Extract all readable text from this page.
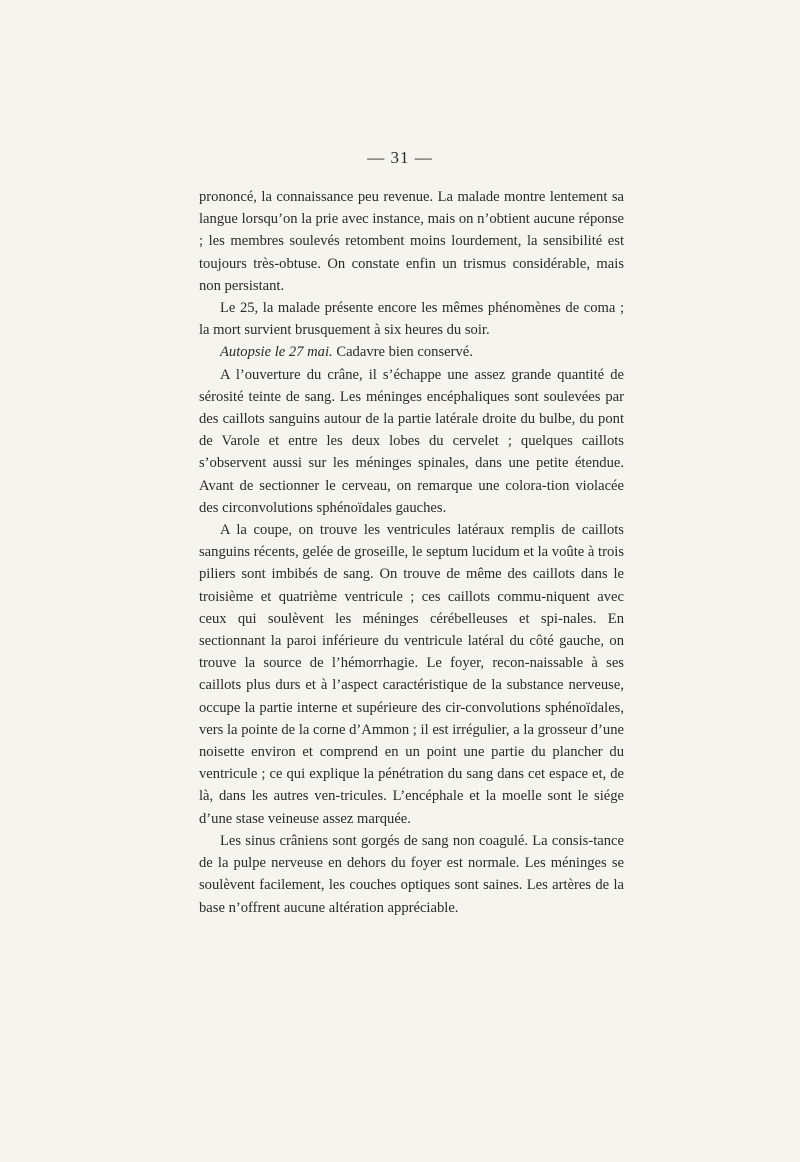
— 31 —

prononcé, la connaissance peu revenue. La malade montre lentement sa langue lorsqu’on la prie avec instance, mais on n’obtient aucune réponse ; les membres soulevés retombent moins lourdement, la sensibilité est toujours très-obtuse. On constate enfin un trismus considérable, mais non persistant.

Le 25, la malade présente encore les mêmes phénomènes de coma ; la mort survient brusquement à six heures du soir.

Autopsie le 27 mai. Cadavre bien conservé.

A l’ouverture du crâne, il s’échappe une assez grande quantité de sérosité teinte de sang. Les méninges encéphaliques sont soulevées par des caillots sanguins autour de la partie latérale droite du bulbe, du pont de Varole et entre les deux lobes du cervelet ; quelques caillots s’observent aussi sur les méninges spinales, dans une petite étendue. Avant de sectionner le cerveau, on remarque une colora-tion violacée des circonvolutions sphénoïdales gauches.

A la coupe, on trouve les ventricules latéraux remplis de caillots sanguins récents, gelée de groseille, le septum lucidum et la voûte à trois piliers sont imbibés de sang. On trouve de même des caillots dans le troisième et quatrième ventricule ; ces caillots commu-niquent avec ceux qui soulèvent les méninges cérébelleuses et spi-nales. En sectionnant la paroi inférieure du ventricule latéral du côté gauche, on trouve la source de l’hémorrhagie. Le foyer, recon-naissable à ses caillots plus durs et à l’aspect caractéristique de la substance nerveuse, occupe la partie interne et supérieure des cir-convolutions sphénoïdales, vers la pointe de la corne d’Ammon ; il est irrégulier, a la grosseur d’une noisette environ et comprend en un point une partie du plancher du ventricule ; ce qui explique la pénétration du sang dans cet espace et, de là, dans les autres ven-tricules. L’encéphale et la moelle sont le siége d’une stase veineuse assez marquée.

Les sinus crâniens sont gorgés de sang non coagulé. La consis-tance de la pulpe nerveuse en dehors du foyer est normale. Les méninges se soulèvent facilement, les couches optiques sont saines. Les artères de la base n’offrent aucune altération appréciable.
